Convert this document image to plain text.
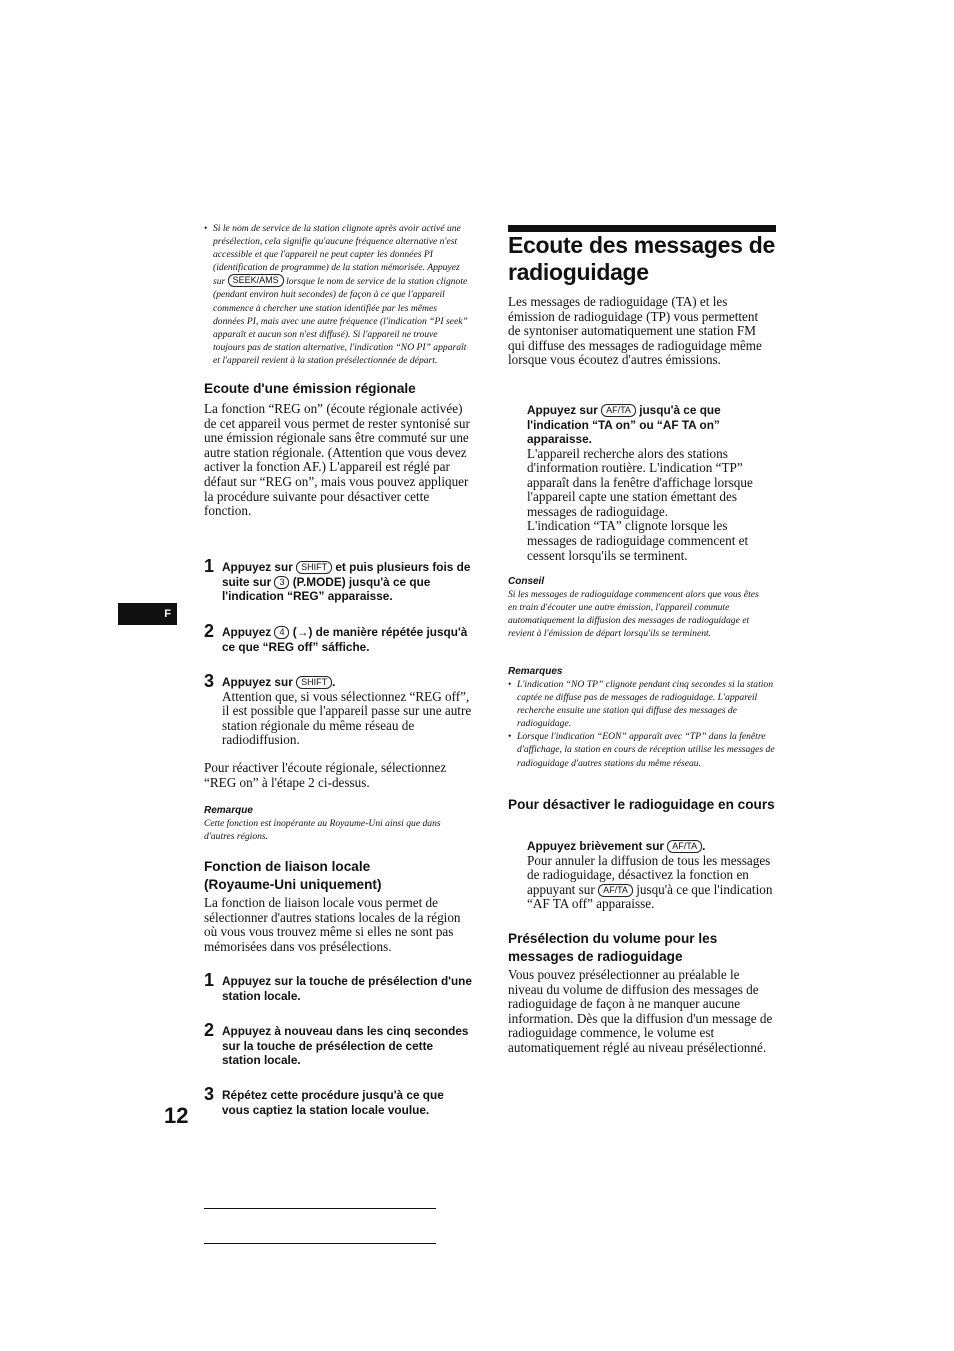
F
12
• Si le nom de service de la station clignote après avoir activé une présélection, cela signifie qu'aucune fréquence alternative n'est accessible et que l'appareil ne peut capter les données PI (identification de programme) de la station mémorisée. Appuyez sur SEEK/AMS lorsque le nom de service de la station clignote (pendant environ huit secondes) de façon à ce que l'appareil commence à chercher une station identifiée par les mêmes données PI, mais avec une autre fréquence (l'indication “PI seek” apparaît et aucun son n'est diffusé). Si l'appareil ne trouve toujours pas de station alternative, l'indication “NO PI” apparaît et l'appareil revient à la station présélectionnée de départ.
Ecoute d'une émission régionale

La fonction “REG on” (écoute régionale activée) de cet appareil vous permet de rester syntonisé sur une émission régionale sans être commuté sur une autre station régionale. (Attention que vous devez activer la fonction AF.) L'appareil est réglé par défaut sur “REG on”, mais vous pouvez appliquer la procédure suivante pour désactiver cette fonction.

1 Appuyez sur SHIFT et puis plusieurs fois de suite sur 3 (P.MODE) jusqu'à ce que l'indication “REG” apparaisse.
2 Appuyez 4 (→) de manière répétée jusqu'à ce que “REG off” sáffiche.
3 Appuyez sur SHIFT .

Attention que, si vous sélectionnez “REG off”, il est possible que l'appareil passe sur une autre station régionale du même réseau de radiodiffusion.

Pour réactiver l'écoute régionale, sélectionnez “REG on” à l'étape 2 ci-dessus.

Remarque

Cette fonction est inopérante au Royaume-Uni ainsi que dans d'autres régions.

Fonction de liaison locale (Royaume-Uni uniquement)

La fonction de liaison locale vous permet de sélectionner d'autres stations locales de la région où vous vous trouvez même si elles ne sont pas mémorisées dans vos présélections.

1 Appuyez sur la touche de présélection d'une station locale.
2 Appuyez à nouveau dans les cinq secondes sur la touche de présélection de cette station locale.
3 Répétez cette procédure jusqu'à ce que vous captiez la station locale voulue.
Ecoute des messages de radioguidage

Les messages de radioguidage (TA) et les émission de radioguidage (TP) vous permettent de syntoniser automatiquement une station FM qui diffuse des messages de radioguidage même lorsque vous écoutez d'autres émissions.

Appuyez sur AF/TA jusqu'à ce que l'indication “TA on” ou “AF TA on” apparaisse.

L'appareil recherche alors des stations d'information routière. L'indication “TP” apparaît dans la fenêtre d'affichage lorsque l'appareil capte une station émettant des messages de radioguidage.

L'indication “TA” clignote lorsque les messages de radioguidage commencent et cessent lorsqu'ils se terminent.

Conseil

Si les messages de radioguidage commencent alors que vous êtes en train d'écouter une autre émission, l'appareil commute automatiquement la diffusion des messages de radioguidage et revient à l'émission de départ lorsqu'ils se terminent.

Remarques
• L'indication “NO TP” clignote pendant cinq secondes si la station captée ne diffuse pas de messages de radioguidage. L'appareil recherche ensuite une station qui diffuse des messages de radioguidage.
• Lorsque l'indication “EON” apparaît avec “TP” dans la fenêtre d'affichage, la station en cours de réception utilise les messages de radioguidage d'autres stations du même réseau.
Pour désactiver le radioguidage en cours
Appuyez brièvement sur AF/TA .

Pour annuler la diffusion de tous les messages de radioguidage, désactivez la fonction en appuyant sur AF/TA jusqu'à ce que l'indication “AF TA off” apparaisse.

Présélection du volume pour les messages de radioguidage

Vous pouvez présélectionner au préalable le niveau du volume de diffusion des messages de radioguidage de façon à ne manquer aucune information. Dès que la diffusion d'un message de radioguidage commence, le volume est automatiquement réglé au niveau présélectionné.
